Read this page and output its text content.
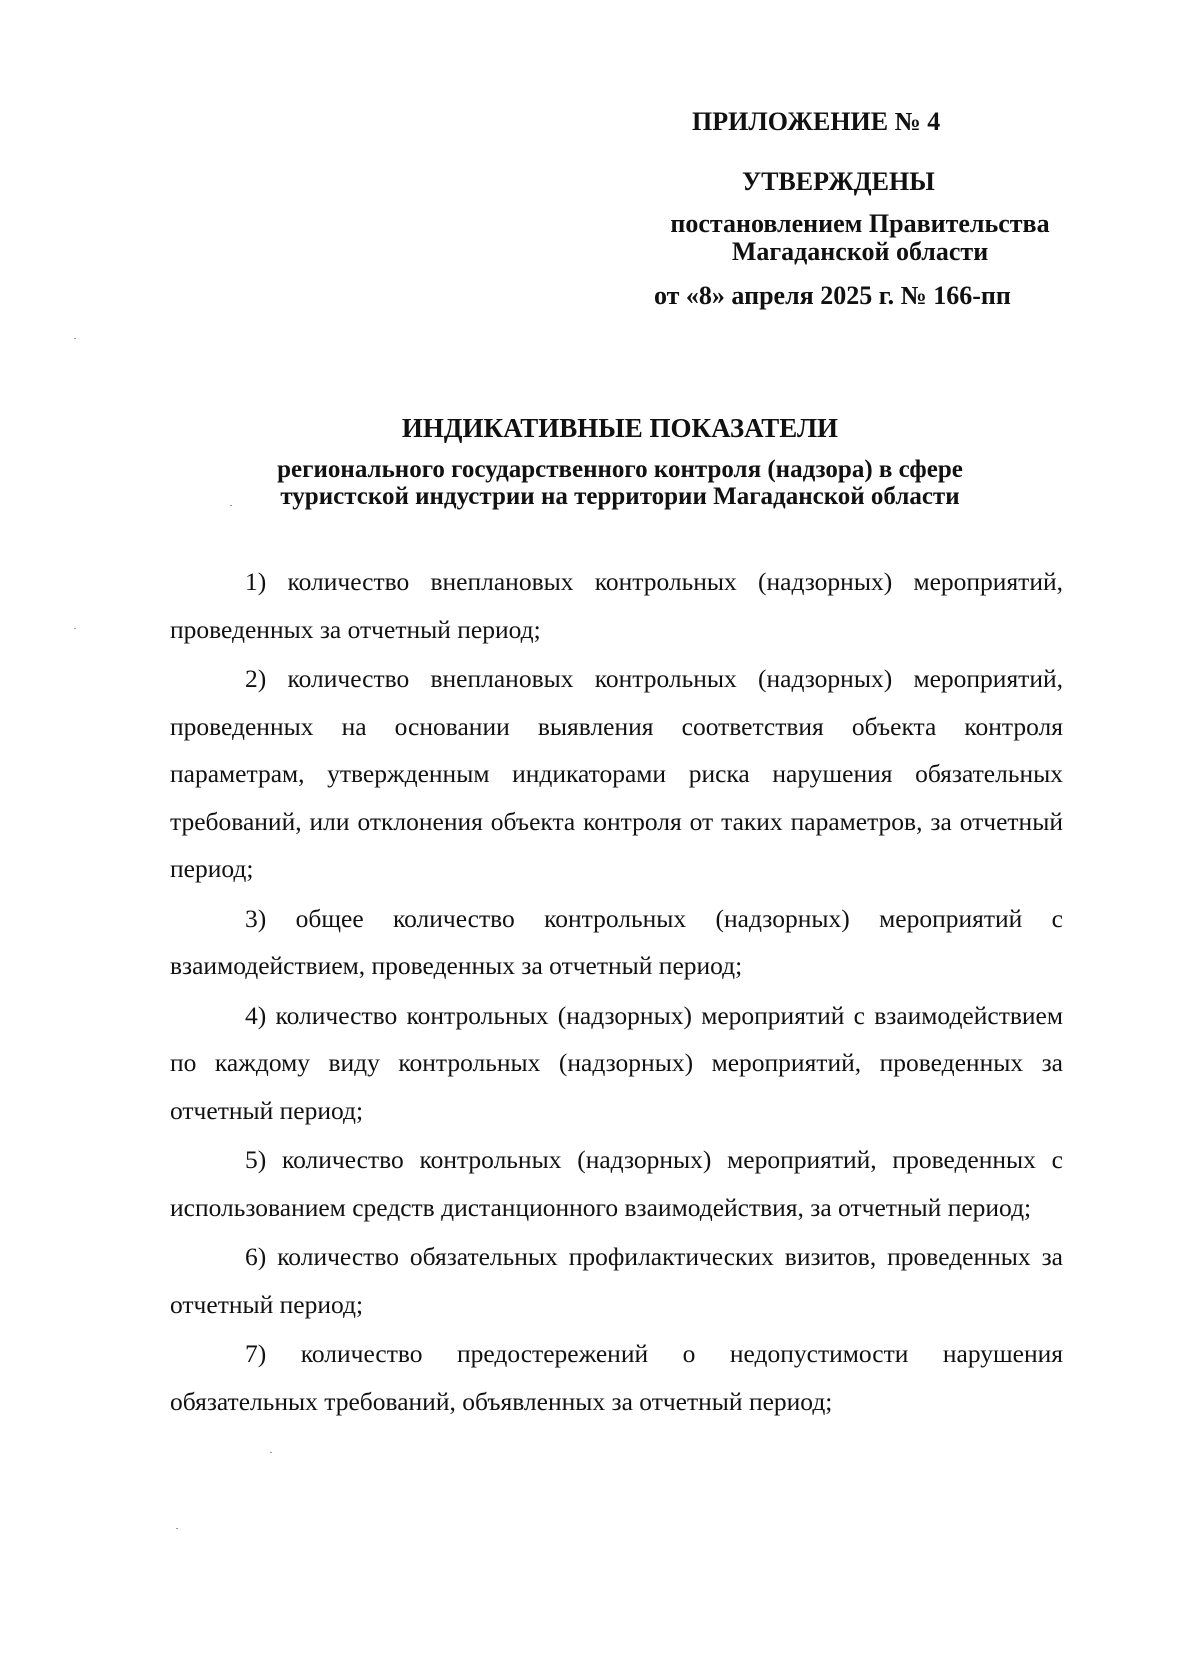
ПРИЛОЖЕНИЕ № 4
УТВЕРЖДЕНЫ
постановлением Правительства Магаданской области
от «8» апреля 2025 г. № 166-пп
ИНДИКАТИВНЫЕ ПОКАЗАТЕЛИ
регионального государственного контроля (надзора) в сфере
туристской индустрии на территории Магаданской области

1) количество внеплановых контрольных (надзорных) мероприятий, проведенных за отчетный период;

2) количество внеплановых контрольных (надзорных) мероприятий, проведенных на основании выявления соответствия объекта контроля параметрам, утвержденным индикаторами риска нарушения обязательных требований, или отклонения объекта контроля от таких параметров, за отчетный период;

3) общее количество контрольных (надзорных) мероприятий с взаимодействием, проведенных за отчетный период;

4) количество контрольных (надзорных) мероприятий с взаимодействием по каждому виду контрольных (надзорных) мероприятий, проведенных за отчетный период;

5) количество контрольных (надзорных) мероприятий, проведенных с использованием средств дистанционного взаимодействия, за отчетный период;

6) количество обязательных профилактических визитов, проведенных за отчетный период;

7) количество предостережений о недопустимости нарушения обязательных требований, объявленных за отчетный период;
